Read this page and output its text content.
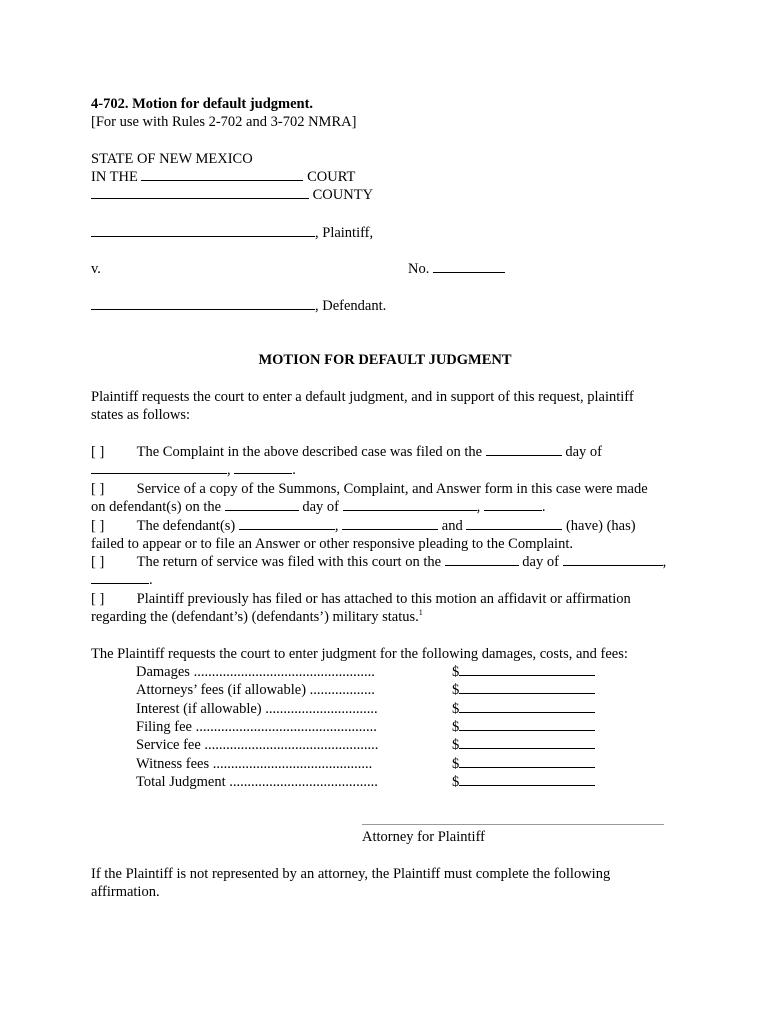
4-702. Motion for default judgment.
[For use with Rules 2-702 and 3-702 NMRA]
STATE OF NEW MEXICO
IN THE	COURT
COUNTY
, Plaintiff,
v.	No.
, Defendant.
MOTION FOR DEFAULT JUDGMENT
Plaintiff requests the court to enter a default judgment, and in support of this request, plaintiff
states as follows:
[ ] The Complaint in the above described case was filed on the	day of
,	.
[ ] Service of a copy of the Summons, Complaint, and Answer form in this case were made
on defendant(s) on the	day of	,	.
[ ] The defendant(s)	,	and	(have) (has)
failed to appear or to file an Answer or other responsive pleading to the Complaint.
[ ] The return of service was filed with this court on the	day of	,
.
[ ] Plaintiff previously has filed or has attached to this motion an affidavit or affirmation
regarding the (defendant’s) (defendants’) military status.$^1$
The Plaintiff requests the court to enter judgment for the following damages, costs, and fees:
Damages ..................................................	$
Attorneys’ fees (if allowable) ..................	$
Interest (if allowable) ...............................	$
Filing fee ..................................................	$
Service fee ................................................	$
Witness fees ............................................	$
Total Judgment .........................................	$
Attorney for Plaintiff
If the Plaintiff is not represented by an attorney, the Plaintiff must complete the following
affirmation.
